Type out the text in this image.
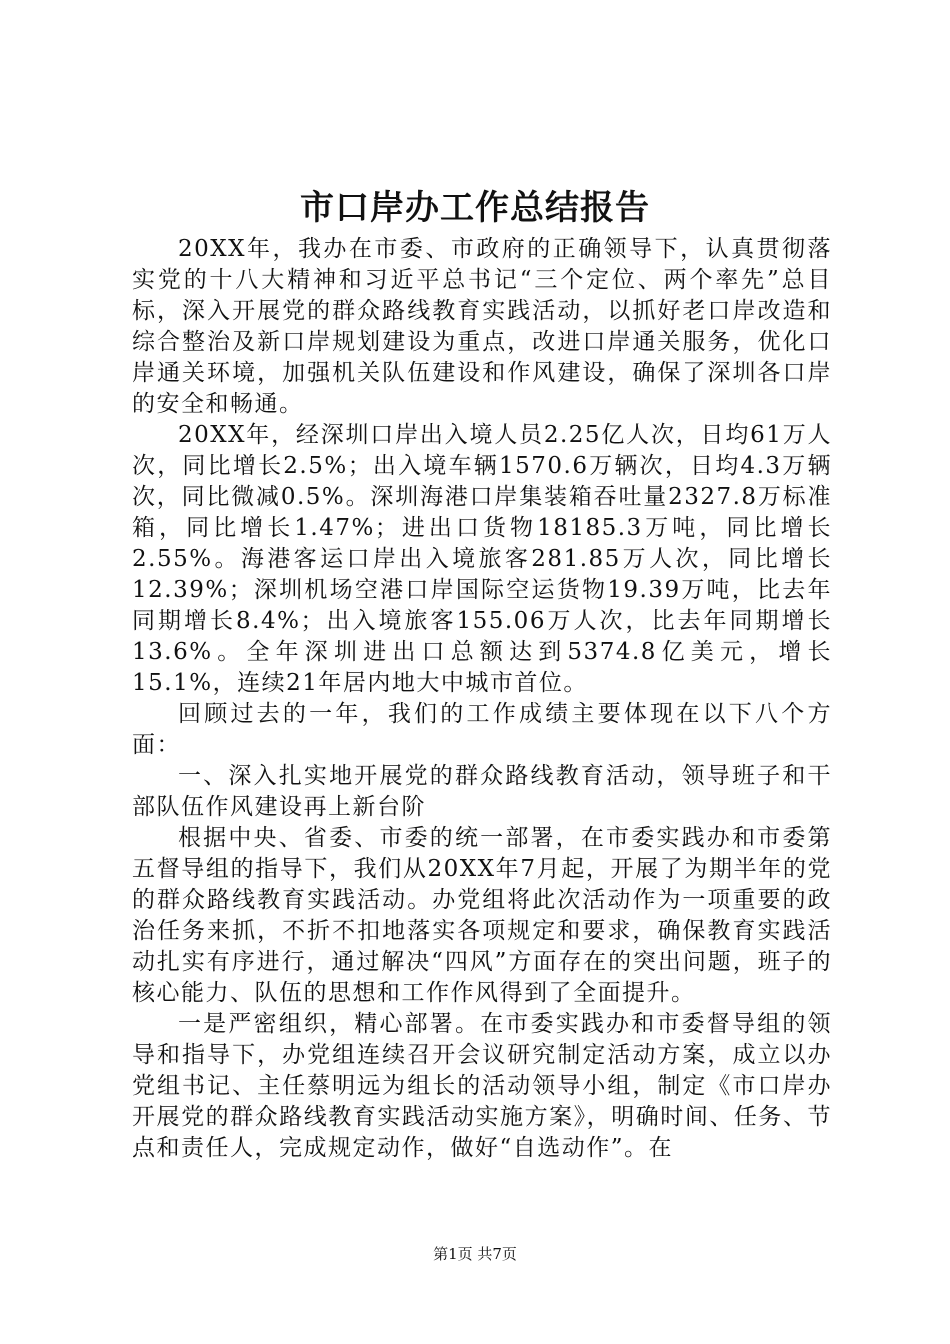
市口岸办工作总结报告

20XX年，我办在市委、市政府的正确领导下，认真贯彻落实党的十八大精神和习近平总书记“三个定位、两个率先”总目标，深入开展党的群众路线教育实践活动，以抓好老口岸改造和综合整治及新口岸规划建设为重点，改进口岸通关服务，优化口岸通关环境，加强机关队伍建设和作风建设，确保了深圳各口岸的安全和畅通。

20XX年，经深圳口岸出入境人员2.25亿人次，日均61万人次，同比增长2.5%；出入境车辆1570.6万辆次，日均4.3万辆次，同比微减0.5%。深圳海港口岸集装箱吞吐量2327.8万标准箱，同比增长1.47%；进出口货物18185.3万吨，同比增长2.55%。海港客运口岸出入境旅客281.85万人次，同比增长12.39%；深圳机场空港口岸国际空运货物19.39万吨，比去年同期增长8.4%；出入境旅客155.06万人次，比去年同期增长13.6%。全年深圳进出口总额达到5374.8亿美元，增长15.1%，连续21年居内地大中城市首位。

回顾过去的一年，我们的工作成绩主要体现在以下八个方面：

一、深入扎实地开展党的群众路线教育活动，领导班子和干部队伍作风建设再上新台阶

根据中央、省委、市委的统一部署，在市委实践办和市委第五督导组的指导下，我们从20XX年7月起，开展了为期半年的党的群众路线教育实践活动。办党组将此次活动作为一项重要的政治任务来抓，不折不扣地落实各项规定和要求，确保教育实践活动扎实有序进行，通过解决“四风”方面存在的突出问题，班子的核心能力、队伍的思想和工作作风得到了全面提升。

一是严密组织，精心部署。在市委实践办和市委督导组的领导和指导下，办党组连续召开会议研究制定活动方案，成立以办党组书记、主任蔡明远为组长的活动领导小组，制定《市口岸办开展党的群众路线教育实践活动实施方案》，明确时间、任务、节点和责任人，完成规定动作，做好“自选动作”。在

第1页 共7页
